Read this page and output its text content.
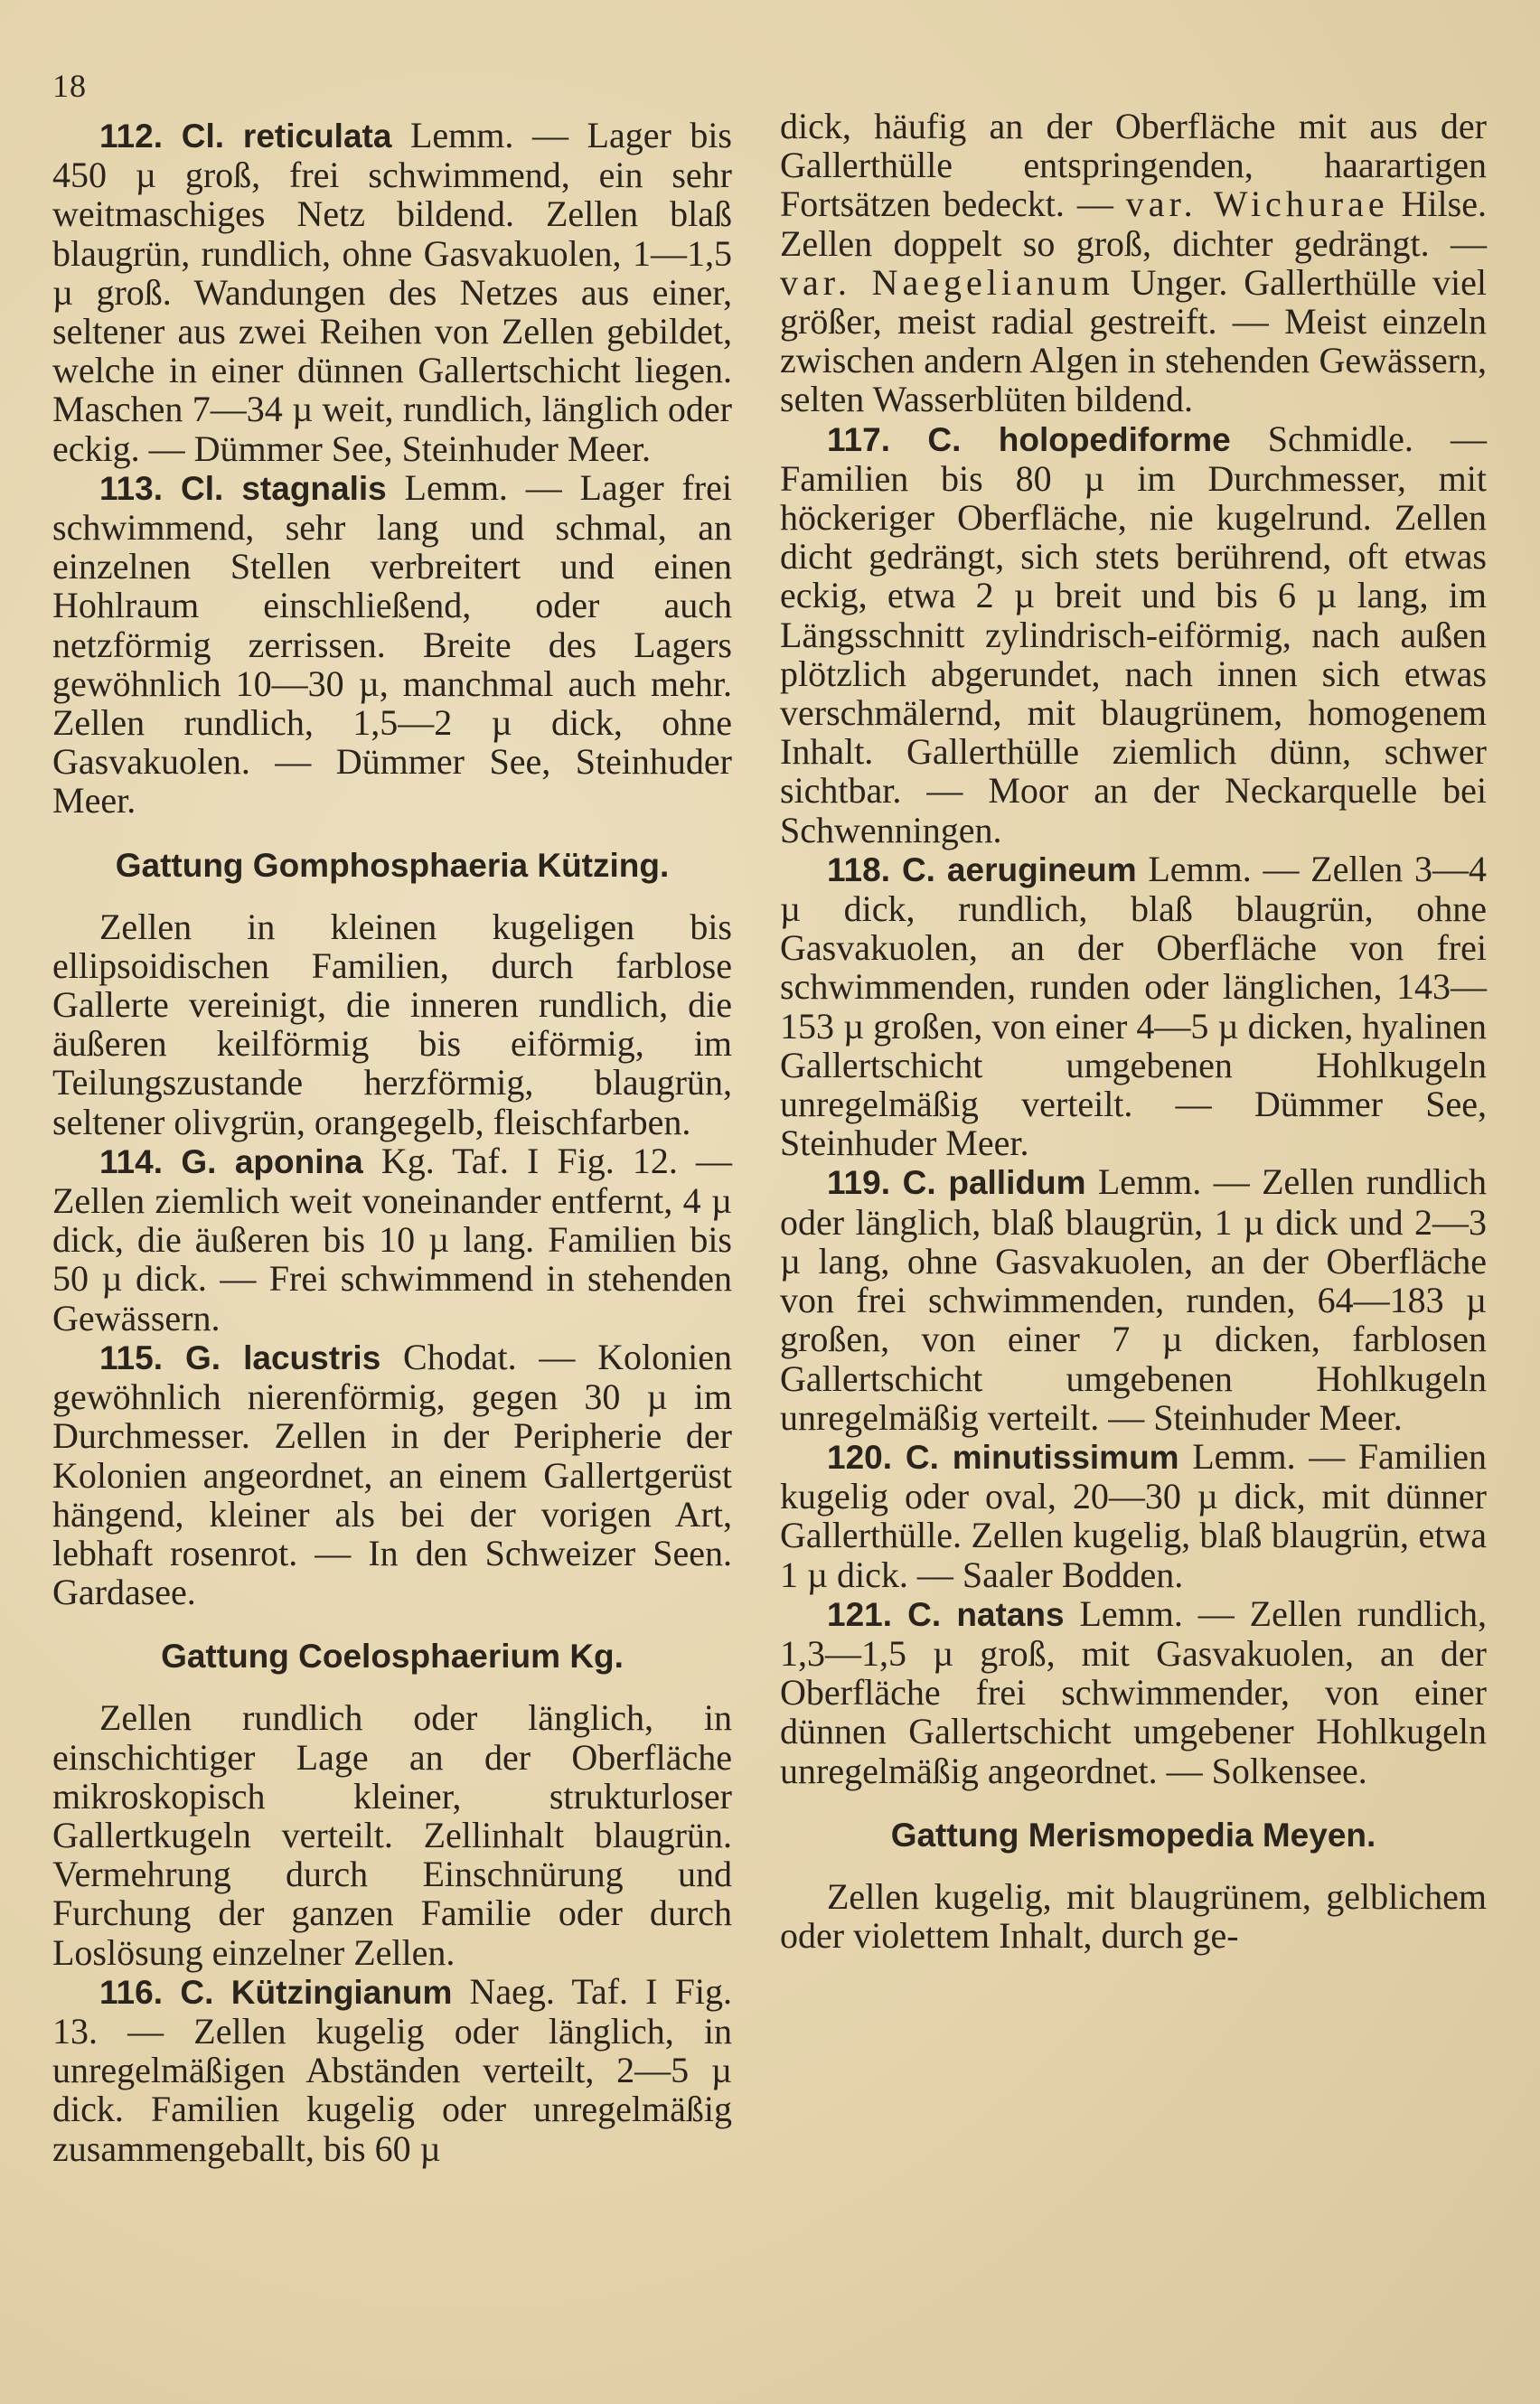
18

112. Cl. reticulata Lemm. — Lager bis 450 µ groß, frei schwimmend, ein sehr weitmaschiges Netz bildend. Zellen blaß blaugrün, rundlich, ohne Gasvakuolen, 1—1,5 µ groß. Wandungen des Netzes aus einer, seltener aus zwei Reihen von Zellen gebildet, welche in einer dünnen Gallertschicht liegen. Maschen 7—34 µ weit, rundlich, länglich oder eckig. — Dümmer See, Steinhuder Meer.

113. Cl. stagnalis Lemm. — Lager frei schwimmend, sehr lang und schmal, an einzelnen Stellen verbreitert und einen Hohlraum einschließend, oder auch netzförmig zerrissen. Breite des Lagers gewöhnlich 10—30 µ, manchmal auch mehr. Zellen rundlich, 1,5—2 µ dick, ohne Gasvakuolen. — Dümmer See, Steinhuder Meer.

Gattung Gomphosphaeria Kützing.

Zellen in kleinen kugeligen bis ellipsoidischen Familien, durch farblose Gallerte vereinigt, die inneren rundlich, die äußeren keilförmig bis eiförmig, im Teilungszustande herzförmig, blaugrün, seltener olivgrün, orangegelb, fleischfarben.

114. G. aponina Kg. Taf. I Fig. 12. — Zellen ziemlich weit voneinander entfernt, 4 µ dick, die äußeren bis 10 µ lang. Familien bis 50 µ dick. — Frei schwimmend in stehenden Gewässern.

115. G. lacustris Chodat. — Kolonien gewöhnlich nierenförmig, gegen 30 µ im Durchmesser. Zellen in der Peripherie der Kolonien angeordnet, an einem Gallertgerüst hängend, kleiner als bei der vorigen Art, lebhaft rosenrot. — In den Schweizer Seen. Gardasee.

Gattung Coelosphaerium Kg.

Zellen rundlich oder länglich, in einschichtiger Lage an der Oberfläche mikroskopisch kleiner, strukturloser Gallertkugeln verteilt. Zellinhalt blaugrün. Vermehrung durch Einschnürung und Furchung der ganzen Familie oder durch Loslösung einzelner Zellen.

116. C. Kützingianum Naeg. Taf. I Fig. 13. — Zellen kugelig oder länglich, in unregelmäßigen Abständen verteilt, 2—5 µ dick. Familien kugelig oder unregelmäßig zusammengeballt, bis 60 µ

dick, häufig an der Oberfläche mit aus der Gallerthülle entspringenden, haarartigen Fortsätzen bedeckt. — var. Wichurae Hilse. Zellen doppelt so groß, dichter gedrängt. — var. Naegelianum Unger. Gallerthülle viel größer, meist radial gestreift. — Meist einzeln zwischen andern Algen in stehenden Gewässern, selten Wasserblüten bildend.

117. C. holopediforme Schmidle. — Familien bis 80 µ im Durchmesser, mit höckeriger Oberfläche, nie kugelrund. Zellen dicht gedrängt, sich stets berührend, oft etwas eckig, etwa 2 µ breit und bis 6 µ lang, im Längsschnitt zylindrisch-eiförmig, nach außen plötzlich abgerundet, nach innen sich etwas verschmälernd, mit blaugrünem, homogenem Inhalt. Gallerthülle ziemlich dünn, schwer sichtbar. — Moor an der Neckarquelle bei Schwenningen.

118. C. aerugineum Lemm. — Zellen 3—4 µ dick, rundlich, blaß blaugrün, ohne Gasvakuolen, an der Oberfläche von frei schwimmenden, runden oder länglichen, 143—153 µ großen, von einer 4—5 µ dicken, hyalinen Gallertschicht umgebenen Hohlkugeln unregelmäßig verteilt. — Dümmer See, Steinhuder Meer.

119. C. pallidum Lemm. — Zellen rundlich oder länglich, blaß blaugrün, 1 µ dick und 2—3 µ lang, ohne Gasvakuolen, an der Oberfläche von frei schwimmenden, runden, 64—183 µ großen, von einer 7 µ dicken, farblosen Gallertschicht umgebenen Hohlkugeln unregelmäßig verteilt. — Steinhuder Meer.

120. C. minutissimum Lemm. — Familien kugelig oder oval, 20—30 µ dick, mit dünner Gallerthülle. Zellen kugelig, blaß blaugrün, etwa 1 µ dick. — Saaler Bodden.

121. C. natans Lemm. — Zellen rundlich, 1,3—1,5 µ groß, mit Gasvakuolen, an der Oberfläche frei schwimmender, von einer dünnen Gallertschicht umgebener Hohlkugeln unregelmäßig angeordnet. — Solkensee.

Gattung Merismopedia Meyen.

Zellen kugelig, mit blaugrünem, gelblichem oder violettem Inhalt, durch ge-
